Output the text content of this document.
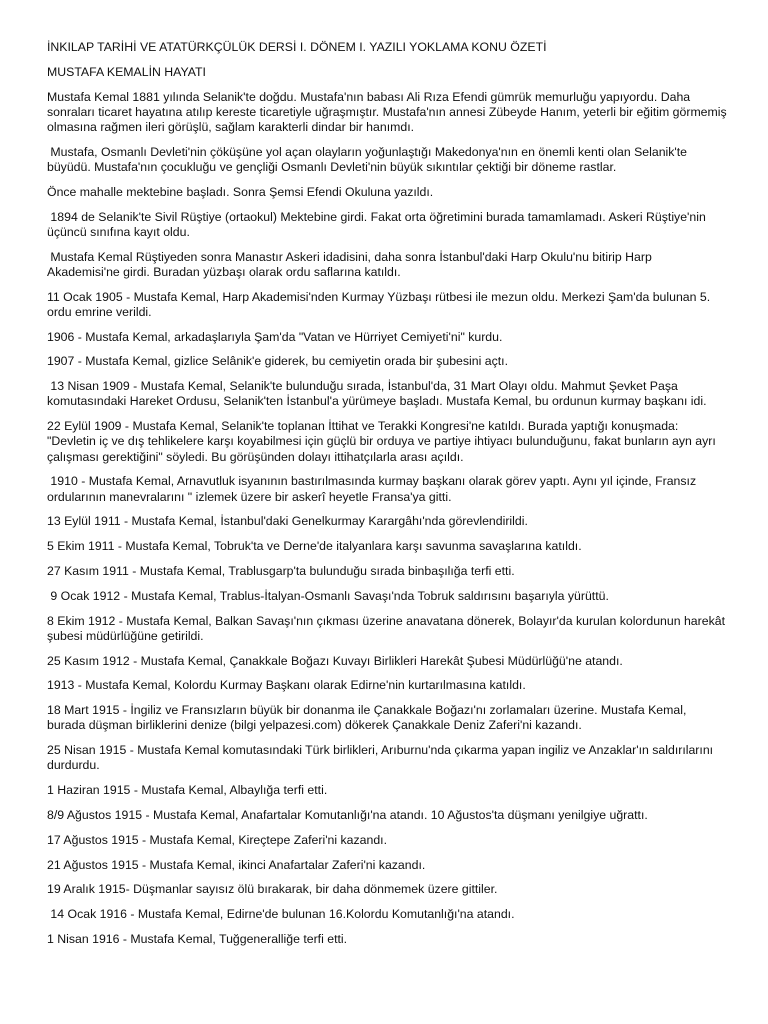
İNKILAP TARİHİ VE ATATÜRKÇÜLÜK DERSİ I. DÖNEM I. YAZILI YOKLAMA KONU ÖZETİ

MUSTAFA KEMALİN HAYATI

Mustafa Kemal 1881 yılında Selanik'te doğdu. Mustafa'nın babası Ali Rıza Efendi gümrük memurluğu yapıyordu. Daha sonraları ticaret hayatına atılıp kereste ticaretiyle uğraşmıştır. Mustafa'nın annesi Zübeyde Hanım, yeterli bir eğitim görmemiş olmasına rağmen ileri görüşlü, sağlam karakterli dindar bir hanımdı.

Mustafa, Osmanlı Devleti'nin çöküşüne yol açan olayların yoğunlaştığı Makedonya'nın en önemli kenti olan Selanik'te büyüdü. Mustafa'nın çocukluğu ve gençliği Osmanlı Devleti'nin büyük sıkıntılar çektiği bir döneme rastlar.

Önce mahalle mektebine başladı. Sonra Şemsi Efendi Okuluna yazıldı.

1894 de Selanik'te Sivil Rüştiye (ortaokul) Mektebine girdi. Fakat orta öğretimini burada tamamlamadı. Askeri Rüştiye'nin üçüncü sınıfına kayıt oldu.

Mustafa Kemal Rüştiyeden sonra Manastır Askeri idadisini, daha sonra İstanbul'daki Harp Okulu'nu bitirip Harp Akademisi'ne girdi. Buradan yüzbaşı olarak ordu saflarına katıldı.

11 Ocak 1905 - Mustafa Kemal, Harp Akademisi'nden Kurmay Yüzbaşı rütbesi ile mezun oldu. Merkezi Şam'da bulunan 5. ordu emrine verildi.

1906 - Mustafa Kemal, arkadaşlarıyla Şam'da "Vatan ve Hürriyet Cemiyeti'ni" kurdu.

1907 - Mustafa Kemal, gizlice Selânik'e giderek, bu cemiyetin orada bir şubesini açtı.

13 Nisan 1909 - Mustafa Kemal, Selanik'te bulunduğu sırada, İstanbul'da, 31 Mart Olayı oldu. Mahmut Şevket Paşa komutasındaki Hareket Ordusu, Selanik'ten İstanbul'a yürümeye başladı. Mustafa Kemal, bu ordunun kurmay başkanı idi.

22 Eylül 1909 - Mustafa Kemal, Selanik'te toplanan İttihat ve Terakki Kongresi'ne katıldı. Burada yaptığı konuşmada: "Devletin iç ve dış tehlikelere karşı koyabilmesi için güçlü bir orduya ve partiye ihtiyacı bulunduğunu, fakat bunların ayn ayrı çalışması gerektiğini" söyledi. Bu görüşünden dolayı ittihatçılarla arası açıldı.

1910 - Mustafa Kemal, Arnavutluk isyanının bastırılmasında kurmay başkanı olarak görev yaptı. Aynı yıl içinde, Fransız ordularının manevralarını " izlemek üzere bir askerî heyetle Fransa'ya gitti.

13 Eylül 1911 - Mustafa Kemal, İstanbul'daki Genelkurmay Karargâhı'nda görevlendirildi.

5 Ekim 1911 - Mustafa Kemal, Tobruk'ta ve Derne'de italyanlara karşı savunma savaşlarına katıldı.

27 Kasım 1911 - Mustafa Kemal, Trablusgarp'ta bulunduğu sırada binbaşılığa terfi etti.

9 Ocak 1912 - Mustafa Kemal, Trablus-İtalyan-Osmanlı Savaşı'nda Tobruk saldırısını başarıyla yürüttü.

8 Ekim 1912 - Mustafa Kemal, Balkan Savaşı'nın çıkması üzerine anavatana dönerek, Bolayır'da kurulan kolordunun harekât şubesi müdürlüğüne getirildi.

25 Kasım 1912 - Mustafa Kemal, Çanakkale Boğazı Kuvayı Birlikleri Harekât Şubesi Müdürlüğü'ne atandı.

1913 - Mustafa Kemal, Kolordu Kurmay Başkanı olarak Edirne'nin kurtarılmasına katıldı.

18 Mart 1915 - İngiliz ve Fransızların büyük bir donanma ile Çanakkale Boğazı'nı zorlamaları üzerine. Mustafa Kemal, burada düşman birliklerini denize (bilgi yelpazesi.com) dökerek Çanakkale Deniz Zaferi'ni kazandı.

25 Nisan 1915 - Mustafa Kemal komutasındaki Türk birlikleri, Arıburnu'nda çıkarma yapan ingiliz ve Anzaklar'ın saldırılarını durdurdu.

1 Haziran 1915 - Mustafa Kemal, Albaylığa terfi etti.

8/9 Ağustos 1915 - Mustafa Kemal, Anafartalar Komutanlığı'na atandı. 10 Ağustos'ta düşmanı yenilgiye uğrattı.

17 Ağustos 1915 - Mustafa Kemal, Kireçtepe Zaferi'ni kazandı.

21 Ağustos 1915 - Mustafa Kemal, ikinci Anafartalar Zaferi'ni kazandı.

19 Aralık 1915- Düşmanlar sayısız ölü bırakarak, bir daha dönmemek üzere gittiler.

14 Ocak 1916 - Mustafa Kemal, Edirne'de bulunan 16.Kolordu Komutanlığı'na atandı.

1 Nisan 1916 - Mustafa Kemal, Tuğgeneralliğe terfi etti.
